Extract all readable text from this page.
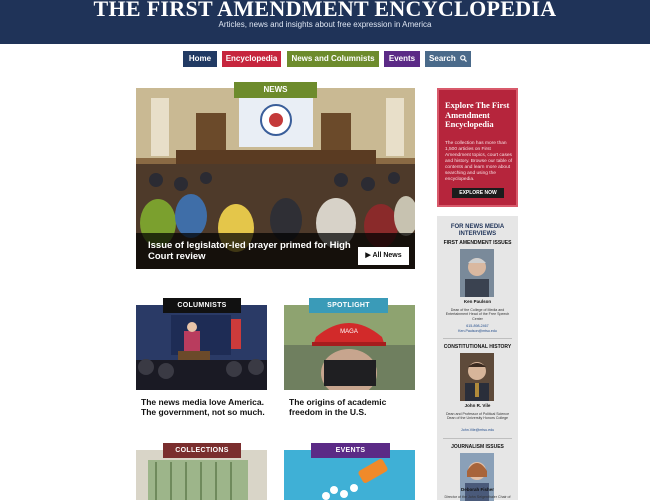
THE FIRST AMENDMENT ENCYCLOPEDIA
Articles, news and insights about free expression in America
Home	Encyclopedia	News and Columnists	Events	Search
NEWS
Issue of legislator-led prayer primed for High Court review	▶ All News
COLUMNISTS
The news media love America. The government, not so much.
MAGA
SPOTLIGHT
The origins of academic freedom in the U.S.
COLLECTIONS	EVENTS
Explore The First Amendment Encyclopedia
The collection has more than 1,500 articles on First Amendment topics, court cases and history. Browse our table of contents and learn more about searching and using the encyclopedia.
EXPLORE NOW
FOR NEWS MEDIA INTERVIEWS
FIRST AMENDMENT ISSUES
Ken Paulson
Dean of the College of Media and Entertainment Head of the Free Speech Center
615-898-2467
Ken.Paulson@mtsu.edu
CONSTITUTIONAL HISTORY
John R. Vile
Dean and Professor of Political Science Dean of the University Honors College
John.Vile@mtsu.edu
JOURNALISM ISSUES
Deborah Fisher
Director of the John Seigenthaler Chair of
